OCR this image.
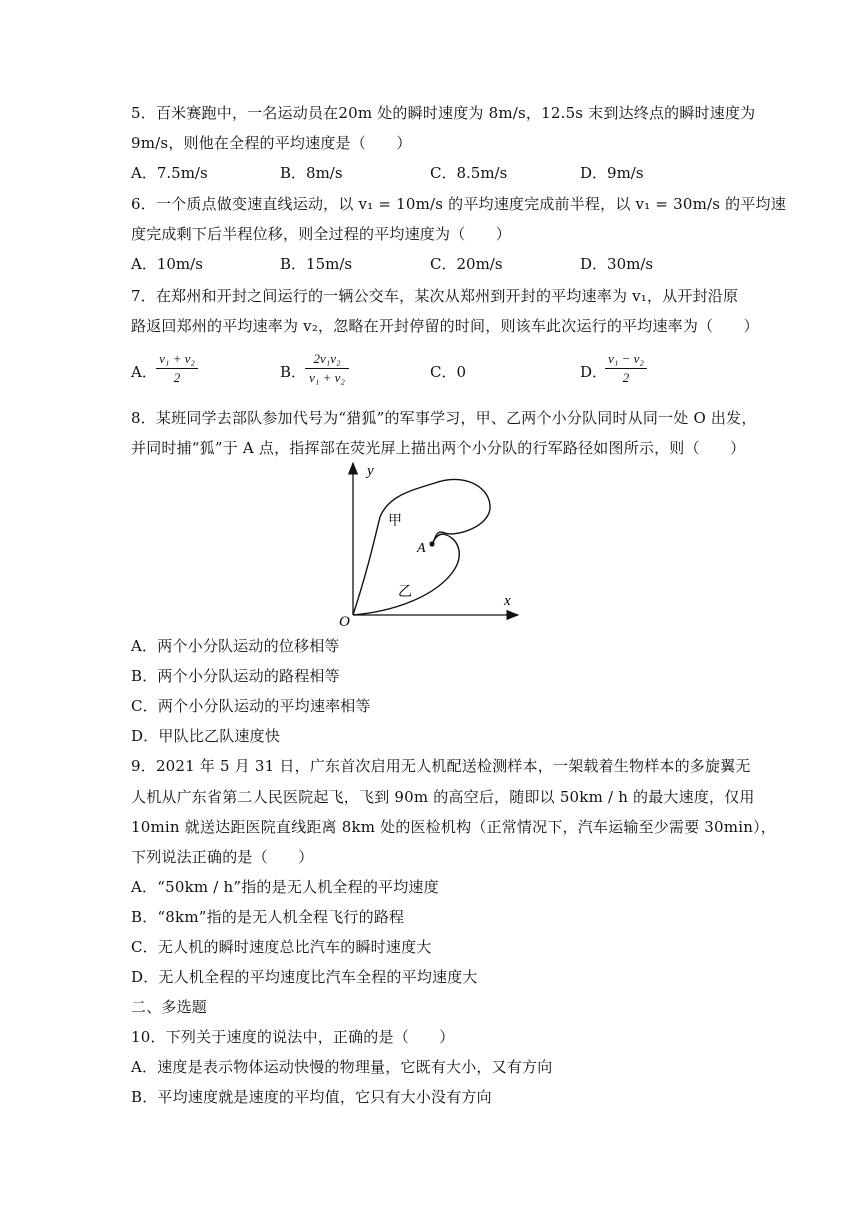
5．百米赛跑中，一名运动员在20m 处的瞬时速度为 8m/s，12.5s 末到达终点的瞬时速度为
9m/s，则他在全程的平均速度是（　　）
A．7.5m/s	B．8m/s	C．8.5m/s	D．9m/s
6．一个质点做变速直线运动，以 v₁ = 10m/s 的平均速度完成前半程，以 v₁ = 30m/s 的平均速
度完成剩下后半程位移，则全过程的平均速度为（　　）
A．10m/s	B．15m/s	C．20m/s	D．30m/s
7．在郑州和开封之间运行的一辆公交车，某次从郑州到开封的平均速率为 v₁，从开封沿原
路返回郑州的平均速率为 v₂，忽略在开封停留的时间，则该车此次运行的平均速率为（　　）
A．
v₁ + v₂
2	B．
2v₁v₂
v₁ + v₂	C．0	D．
v₁ − v₂
2
8．某班同学去部队参加代号为“猎狐”的军事学习，甲、乙两个小分队同时从同一处 O 出发，
并同时捕“狐”于 A 点，指挥部在荧光屏上描出两个小分队的行军路径如图所示，则（　　）
y
x
O
A
甲
乙
A．两个小分队运动的位移相等
B．两个小分队运动的路程相等
C．两个小分队运动的平均速率相等
D．甲队比乙队速度快
9．2021 年 5 月 31 日，广东首次启用无人机配送检测样本，一架载着生物样本的多旋翼无
人机从广东省第二人民医院起飞，飞到 90m 的高空后，随即以 50km / h 的最大速度，仅用
10min 就送达距医院直线距离 8km 处的医检机构（正常情况下，汽车运输至少需要 30min），
下列说法正确的是（　　）
A．“50km / h”指的是无人机全程的平均速度
B．“8km”指的是无人机全程飞行的路程
C．无人机的瞬时速度总比汽车的瞬时速度大
D．无人机全程的平均速度比汽车全程的平均速度大
二、多选题
10．下列关于速度的说法中，正确的是（　　）
A．速度是表示物体运动快慢的物理量，它既有大小，又有方向
B．平均速度就是速度的平均值，它只有大小没有方向
